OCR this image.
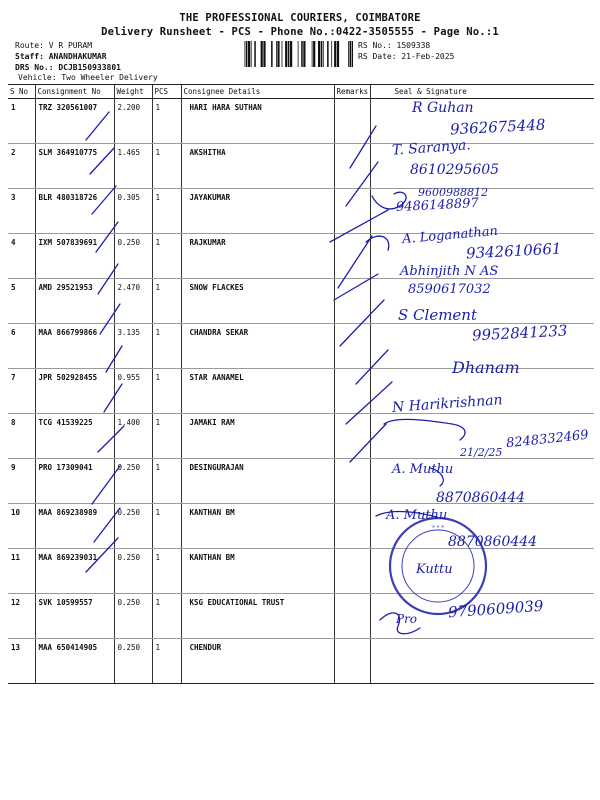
THE PROFESSIONAL COURIERS, COIMBATORE
Delivery Runsheet - PCS - Phone No.:0422-3505555 - Page No.:1
Route: V R PURAM
Staff: ANANDHAKUMAR
DRS No.: DCJB150933801
Vehicle: Two Wheeler Delivery
RS No.: 1509338
RS Date: 21-Feb-2025
S No	Consignment No	Weight	PCS	Consignee Details	Remarks	Seal & Signature
1	TRZ 320561007	2.200	1	HARI HARA SUTHAN		
2	SLM 364910775	1.465	1	AKSHITHA		
3	BLR 480318726	0.305	1	JAYAKUMAR		
4	IXM 507839691	0.250	1	RAJKUMAR		
5	AMD 29521953	2.470	1	SNOW FLACKES		
6	MAA 866799866	3.135	1	CHANDRA SEKAR		
7	JPR 502928455	0.955	1	STAR AANAMEL		
8	TCG 41539225	1.400	1	JAMAKI RAM		
9	PRO 17309041	0.250	1	DESINGURAJAN		
10	MAA 869238989	0.250	1	KANTHAN BM		
11	MAA 869239031	0.250	1	KANTHAN BM		
12	SVK 10599557	0.250	1	KSG EDUCATIONAL TRUST		
13	MAA 650414905	0.250	1	CHENDUR		
* * *
R Guhan
9362675448
T. Saranya.
8610295605
9600988812
9486148897
A. Loganathan
9342610661
Abhinjith N AS
8590617032
S Clement
9952841233
Dhanam
N Harikrishnan
21/2/25
8248332469
A. Muthu
8870860444
A. Muthu
8870860444
Kuttu
Pro 9790609039
